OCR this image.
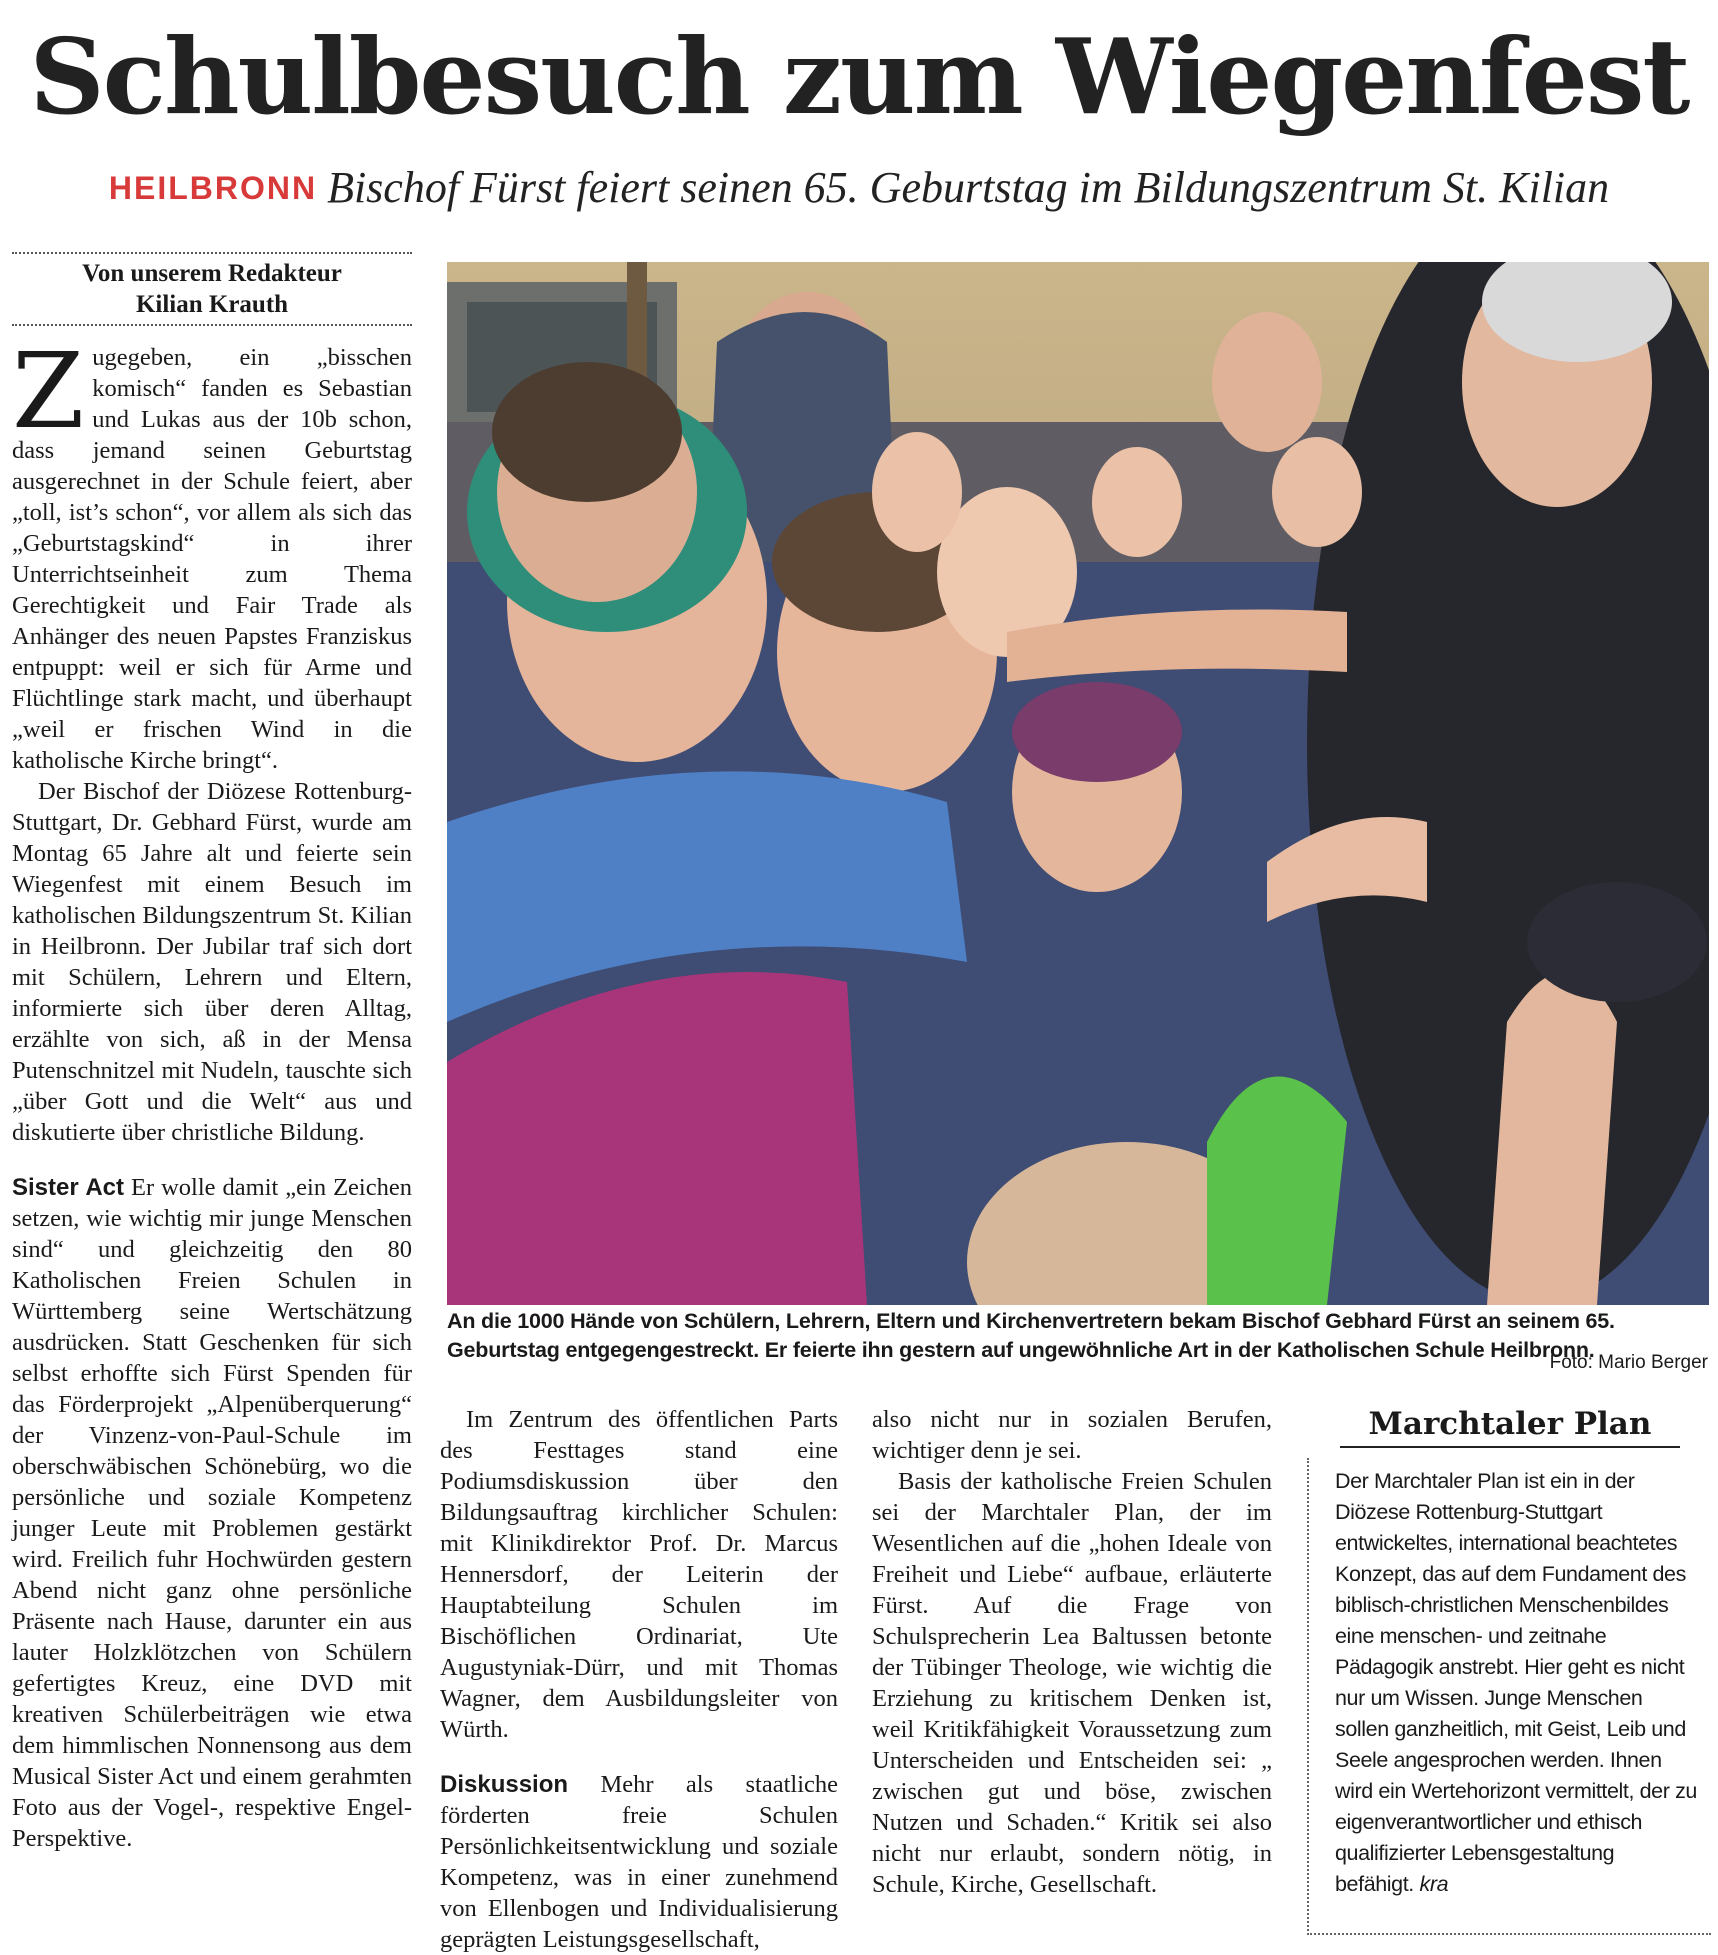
Schulbesuch zum Wiegenfest
HEILBRONN Bischof Fürst feiert seinen 65. Geburtstag im Bildungszentrum St. Kilian
Von unserem Redakteur
Kilian Krauth

Zugegeben, ein „bisschen komisch“ fanden es Sebastian und Lukas aus der 10b schon, dass jemand seinen Geburtstag ausgerechnet in der Schule feiert, aber „toll, ist’s schon“, vor allem als sich das „Geburtstagskind“ in ihrer Unterrichtseinheit zum Thema Gerechtigkeit und Fair Trade als Anhänger des neuen Papstes Franziskus entpuppt: weil er sich für Arme und Flüchtlinge stark macht, und überhaupt „weil er frischen Wind in die katholische Kirche bringt“.

Der Bischof der Diözese Rottenburg-Stuttgart, Dr. Gebhard Fürst, wurde am Montag 65 Jahre alt und feierte sein Wiegenfest mit einem Besuch im katholischen Bildungszentrum St. Kilian in Heilbronn. Der Jubilar traf sich dort mit Schülern, Lehrern und Eltern, informierte sich über deren Alltag, erzählte von sich, aß in der Mensa Putenschnitzel mit Nudeln, tauschte sich „über Gott und die Welt“ aus und diskutierte über christliche Bildung.

Sister Act Er wolle damit „ein Zeichen setzen, wie wichtig mir junge Menschen sind“ und gleichzeitig den 80 Katholischen Freien Schulen in Württemberg seine Wertschätzung ausdrücken. Statt Geschenken für sich selbst erhoffte sich Fürst Spenden für das Förderprojekt „Alpenüberquerung“ der Vinzenz-von-Paul-Schule im oberschwäbischen Schönebürg, wo die persönliche und soziale Kompetenz junger Leute mit Problemen gestärkt wird. Freilich fuhr Hochwürden gestern Abend nicht ganz ohne persönliche Präsente nach Hause, darunter ein aus lauter Holzklötzchen von Schülern gefertigtes Kreuz, eine DVD mit kreativen Schülerbeiträgen wie etwa dem himmlischen Nonnensong aus dem Musical Sister Act und einem gerahmten Foto aus der Vogel-, respektive Engel-Perspektive.

An die 1000 Hände von Schülern, Lehrern, Eltern und Kirchenvertretern bekam Bischof Gebhard Fürst an seinem 65. Geburtstag entgegengestreckt. Er feierte ihn gestern auf ungewöhnliche Art in der Katholischen Schule Heilbronn.
Foto: Mario Berger

Im Zentrum des öffentlichen Parts des Festtages stand eine Podiumsdiskussion über den Bildungsauftrag kirchlicher Schulen: mit Klinikdirektor Prof. Dr. Marcus Hennersdorf, der Leiterin der Hauptabteilung Schulen im Bischöflichen Ordinariat, Ute Augustyniak-Dürr, und mit Thomas Wagner, dem Ausbildungsleiter von Würth.

Diskussion Mehr als staatliche förderten freie Schulen Persönlichkeitsentwicklung und soziale Kompetenz, was in einer zunehmend von Ellenbogen und Individualisierung geprägten Leistungsgesellschaft,

also nicht nur in sozialen Berufen, wichtiger denn je sei.

Basis der katholische Freien Schulen sei der Marchtaler Plan, der im Wesentlichen auf die „hohen Ideale von Freiheit und Liebe“ aufbaue, erläuterte Fürst. Auf die Frage von Schulsprecherin Lea Baltussen betonte der Tübinger Theologe, wie wichtig die Erziehung zu kritischem Denken ist, weil Kritikfähigkeit Voraussetzung zum Unterscheiden und Entscheiden sei: „ zwischen gut und böse, zwischen Nutzen und Schaden.“ Kritik sei also nicht nur erlaubt, sondern nötig, in Schule, Kirche, Gesellschaft.

Marchtaler Plan
Der Marchtaler Plan ist ein in der Diözese Rottenburg-Stuttgart entwickeltes, international beachtetes Konzept, das auf dem Fundament des biblisch-christlichen Menschenbildes eine menschen- und zeitnahe Pädagogik anstrebt. Hier geht es nicht nur um Wissen. Junge Menschen sollen ganzheitlich, mit Geist, Leib und Seele angesprochen werden. Ihnen wird ein Wertehorizont vermittelt, der zu eigenverantwortlicher und ethisch qualifizierter Lebensgestaltung befähigt. kra
